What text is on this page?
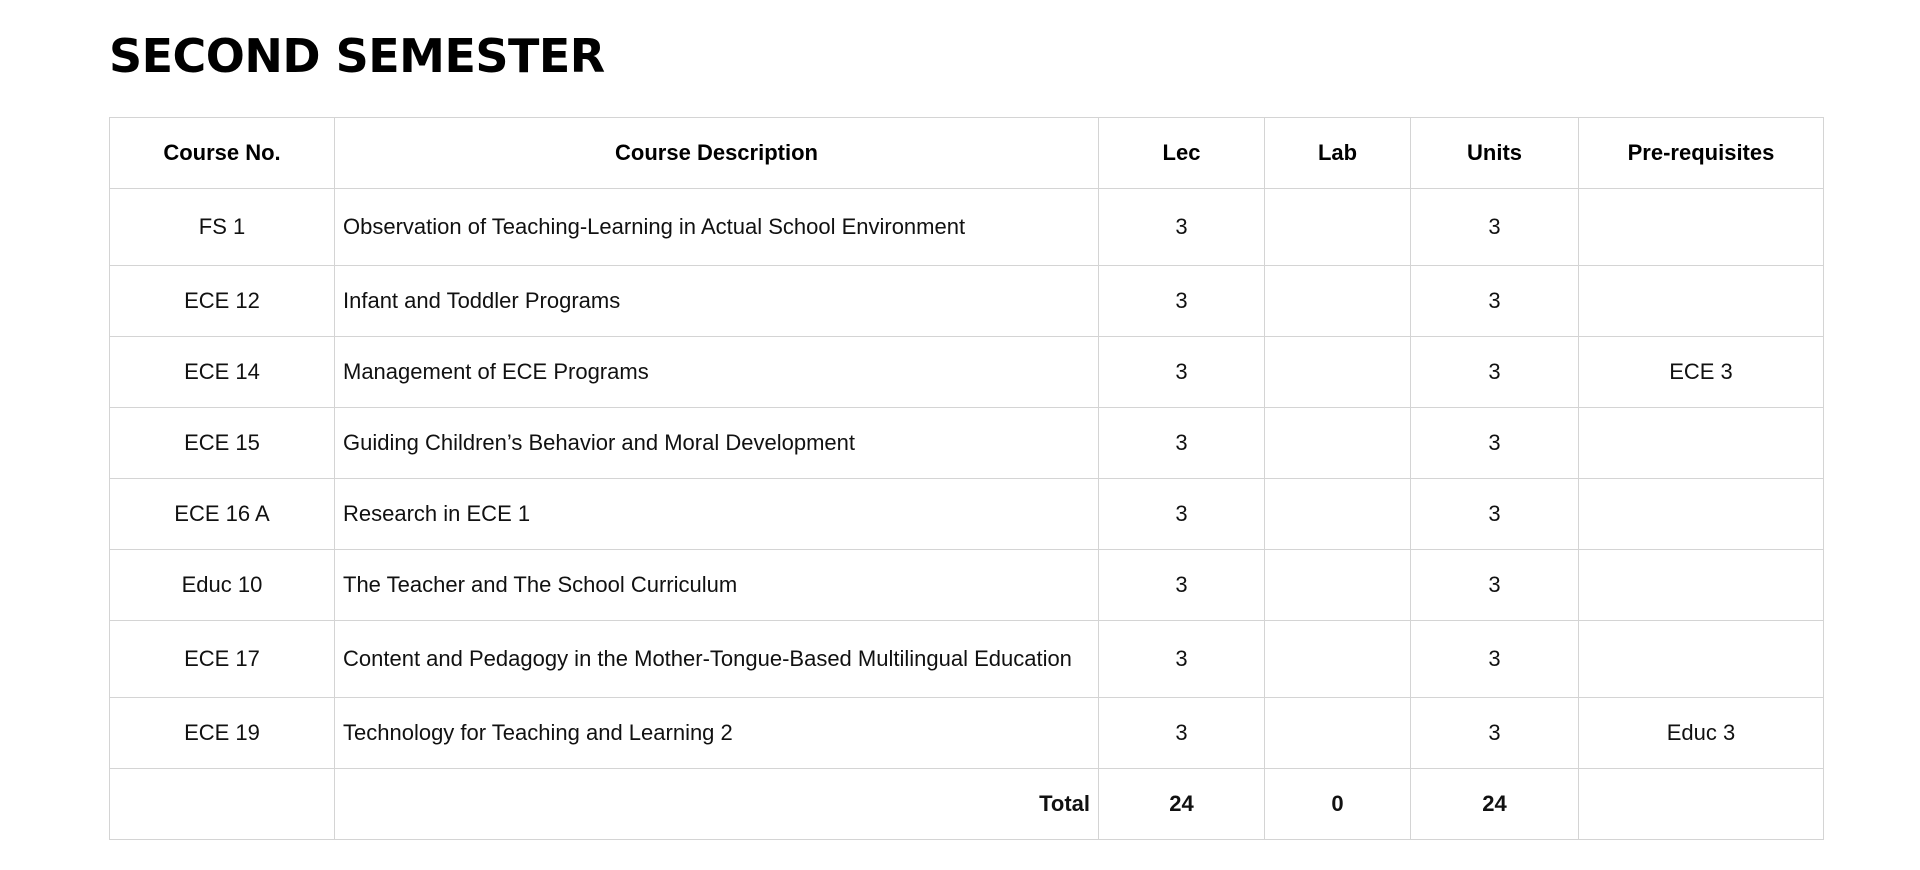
SECOND SEMESTER
Course No.	Course Description	Lec	Lab	Units	Pre-requisites
FS 1	Observation of Teaching-Learning in Actual School Environment	3		3	
ECE 12	Infant and Toddler Programs	3		3	
ECE 14	Management of ECE Programs	3		3	ECE 3
ECE 15	Guiding Children’s Behavior and Moral Development	3		3	
ECE 16 A	Research in ECE 1	3		3	
Educ 10	The Teacher and The School Curriculum	3		3	
ECE 17	Content and Pedagogy in the Mother-Tongue-Based Multilingual Education	3		3	
ECE 19	Technology for Teaching and Learning 2	3		3	Educ 3
	Total	24	0	24	
